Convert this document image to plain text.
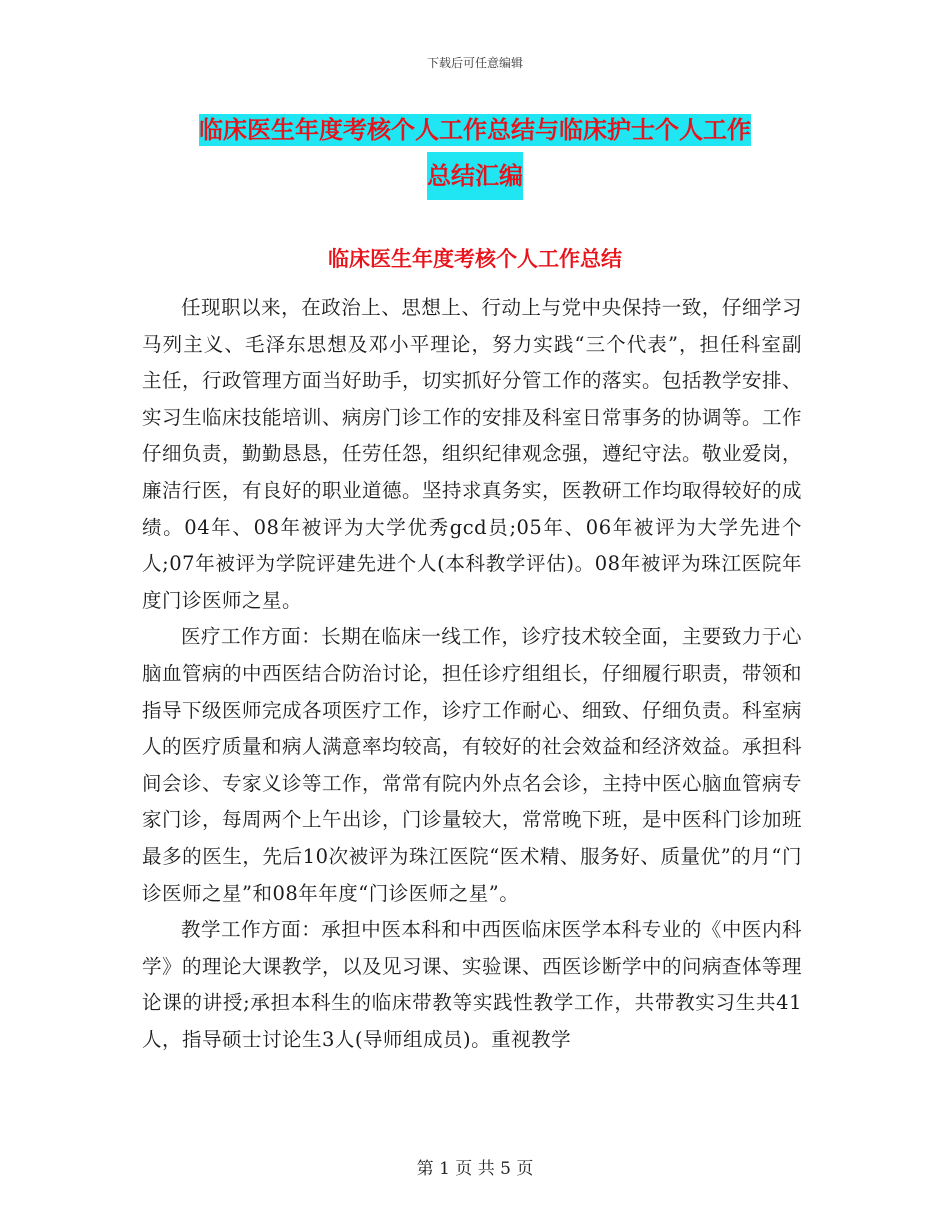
下载后可任意编辑
临床医生年度考核个人工作总结与临床护士个人工作
总结汇编
临床医生年度考核个人工作总结

任现职以来，在政治上、思想上、行动上与党中央保持一致，仔细学习马列主义、毛泽东思想及邓小平理论，努力实践“三个代表”，担任科室副主任，行政管理方面当好助手，切实抓好分管工作的落实。包括教学安排、实习生临床技能培训、病房门诊工作的安排及科室日常事务的协调等。工作仔细负责，勤勤恳恳，任劳任怨，组织纪律观念强，遵纪守法。敬业爱岗，廉洁行医，有良好的职业道德。坚持求真务实，医教研工作均取得较好的成绩。04年、08年被评为大学优秀gcd员;05年、06年被评为大学先进个人;07年被评为学院评建先进个人(本科教学评估)。08年被评为珠江医院年度门诊医师之星。

医疗工作方面：长期在临床一线工作，诊疗技术较全面，主要致力于心脑血管病的中西医结合防治讨论，担任诊疗组组长，仔细履行职责，带领和指导下级医师完成各项医疗工作，诊疗工作耐心、细致、仔细负责。科室病人的医疗质量和病人满意率均较高，有较好的社会效益和经济效益。承担科间会诊、专家义诊等工作，常常有院内外点名会诊，主持中医心脑血管病专家门诊，每周两个上午出诊，门诊量较大，常常晚下班，是中医科门诊加班最多的医生，先后10次被评为珠江医院“医术精、服务好、质量优”的月“门诊医师之星”和08年年度“门诊医师之星”。

教学工作方面：承担中医本科和中西医临床医学本科专业的《中医内科学》的理论大课教学，以及见习课、实验课、西医诊断学中的问病查体等理论课的讲授;承担本科生的临床带教等实践性教学工作，共带教实习生共41人，指导硕士讨论生3人(导师组成员)。重视教学

第 1 页 共 5 页
